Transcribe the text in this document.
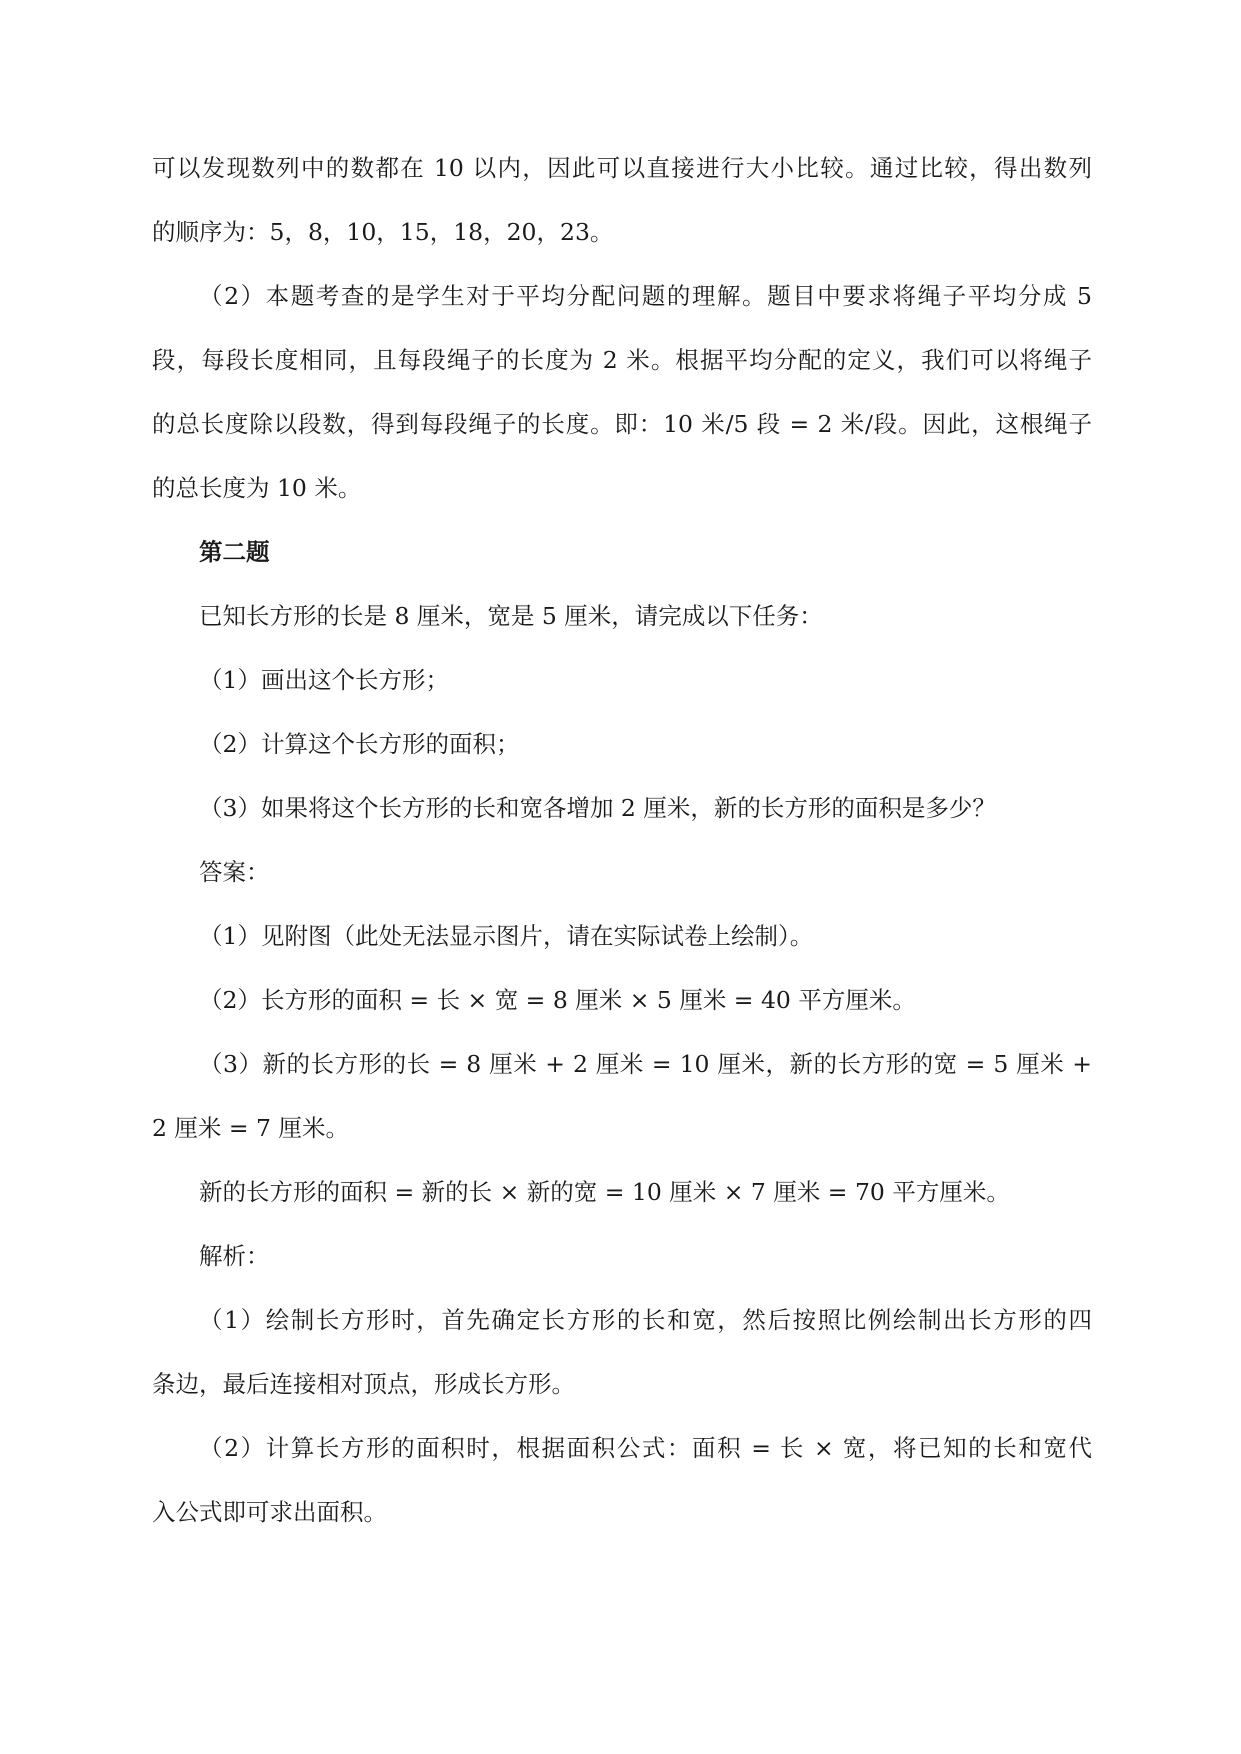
可以发现数列中的数都在 10 以内，因此可以直接进行大小比较。通过比较，得出数列
的顺序为：5，8，10，15，18，20，23。
（2）本题考查的是学生对于平均分配问题的理解。题目中要求将绳子平均分成 5
段，每段长度相同，且每段绳子的长度为 2 米。根据平均分配的定义，我们可以将绳子
的总长度除以段数，得到每段绳子的长度。即：10 米/5 段 = 2 米/段。因此，这根绳子
的总长度为 10 米。
第二题
已知长方形的长是 8 厘米，宽是 5 厘米，请完成以下任务：
（1）画出这个长方形；
（2）计算这个长方形的面积；
（3）如果将这个长方形的长和宽各增加 2 厘米，新的长方形的面积是多少？
答案：
（1）见附图（此处无法显示图片，请在实际试卷上绘制）。
（2）长方形的面积 = 长 × 宽 = 8 厘米 × 5 厘米 = 40 平方厘米。
（3）新的长方形的长 = 8 厘米 + 2 厘米 = 10 厘米，新的长方形的宽 = 5 厘米 +
2 厘米 = 7 厘米。
新的长方形的面积 = 新的长 × 新的宽 = 10 厘米 × 7 厘米 = 70 平方厘米。
解析：
（1）绘制长方形时，首先确定长方形的长和宽，然后按照比例绘制出长方形的四
条边，最后连接相对顶点，形成长方形。
（2）计算长方形的面积时，根据面积公式：面积 = 长 × 宽，将已知的长和宽代
入公式即可求出面积。
